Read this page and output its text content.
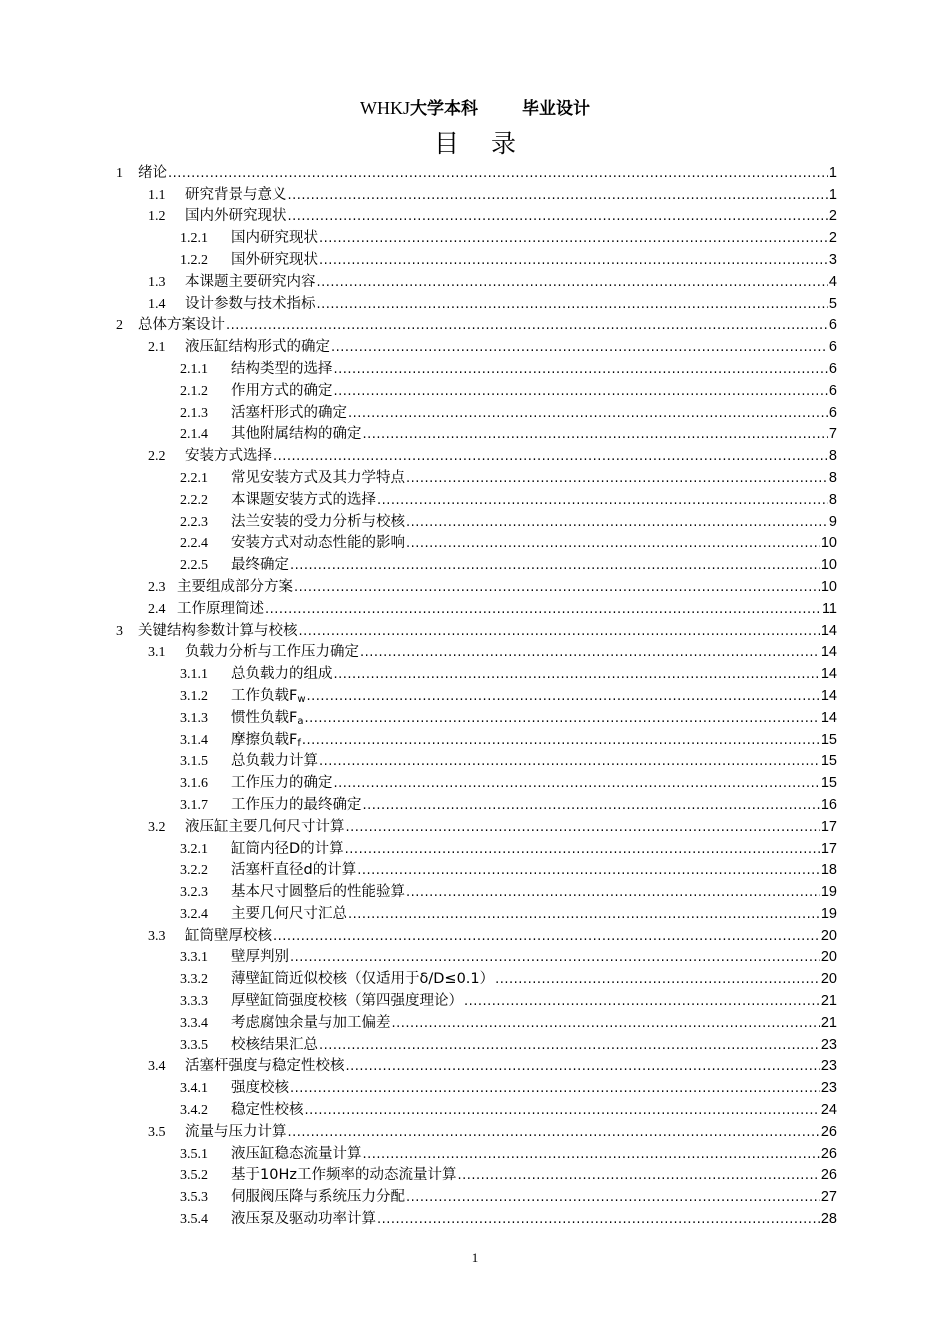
WHKJ大学本科	毕业设计
目 录
1	绪论 .....	1
1.1	研究背景与意义 .....	1
1.2	国内外研究现状 .....	2
1.2.1	国内研究现状 .....	2
1.2.2	国外研究现状 .....	3
1.3	本课题主要研究内容 .....	4
1.4	设计参数与技术指标 .....	5
2	总体方案设计 .....	6
2.1	液压缸结构形式的确定 .....	6
2.1.1	结构类型的选择 .....	6
2.1.2	作用方式的确定 .....	6
2.1.3	活塞杆形式的确定 .....	6
2.1.4	其他附属结构的确定 .....	7
2.2	安装方式选择 .....	8
2.2.1	常见安装方式及其力学特点 .....	8
2.2.2	本课题安装方式的选择 .....	8
2.2.3	法兰安装的受力分析与校核 .....	9
2.2.4	安装方式对动态性能的影响 .....	10
2.2.5	最终确定 .....	10
2.3 主要组成部分方案 .....	10
2.4 工作原理简述 .....	11
3	关键结构参数计算与校核 .....	14
3.1	负载力分析与工作压力确定 .....	14
3.1.1	总负载力的组成 .....	14
3.1.2	工作负载$F_w$ .....	14
3.1.3	惯性负载$F_a$ .....	14
3.1.4	摩擦负载$F_f$ .....	15
3.1.5	总负载力计算 .....	15
3.1.6	工作压力的确定 .....	15
3.1.7	工作压力的最终确定 .....	16
3.2	液压缸主要几何尺寸计算 .....	17
3.2.1	缸筒内径D的计算 .....	17
3.2.2	活塞杆直径d的计算 .....	18
3.2.3	基本尺寸圆整后的性能验算 .....	19
3.2.4	主要几何尺寸汇总 .....	19
3.3	缸筒壁厚校核 .....	20
3.3.1	壁厚判别 .....	20
3.3.2	薄壁缸筒近似校核（仅适用于δ/D≤0.1） .....	20
3.3.3	厚壁缸筒强度校核（第四强度理论） .....	21
3.3.4	考虑腐蚀余量与加工偏差 .....	21
3.3.5	校核结果汇总 .....	23
3.4	活塞杆强度与稳定性校核 .....	23
3.4.1	强度校核 .....	23
3.4.2	稳定性校核 .....	24
3.5	流量与压力计算 .....	26
3.5.1	液压缸稳态流量计算 .....	26
3.5.2	基于10Hz工作频率的动态流量计算 .....	26
3.5.3	伺服阀压降与系统压力分配 .....	27
3.5.4	液压泵及驱动功率计算 .....	28
1
